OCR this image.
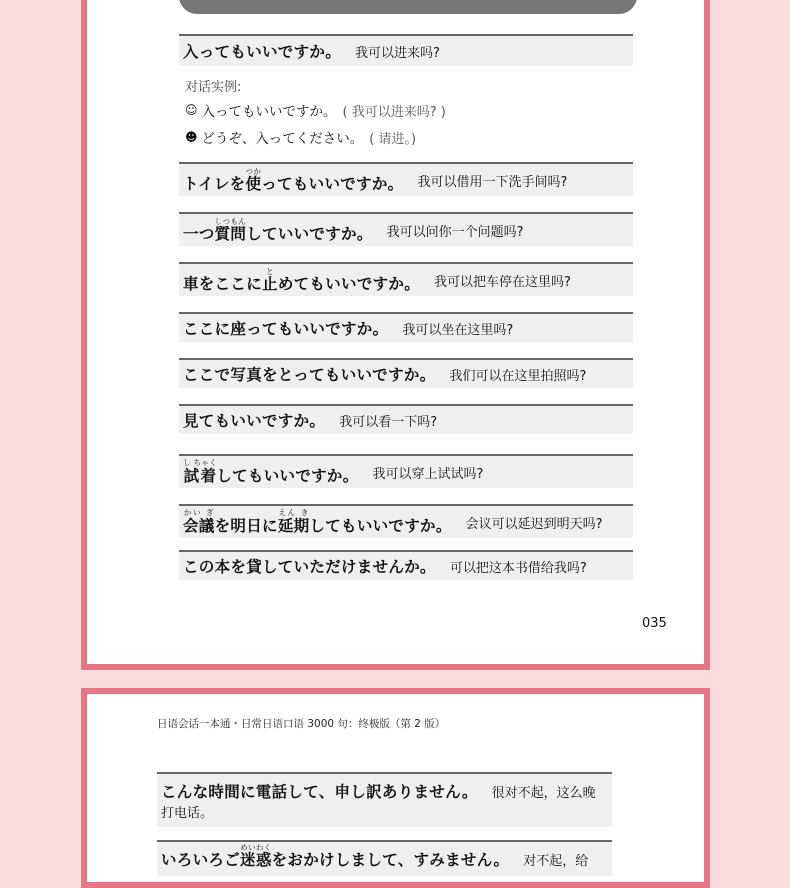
入ってもいいですか。 我可以进来吗?
对话实例:
☺ 入ってもいいですか。 ( 我可以进来吗? )
☻ どうぞ、入ってください。 ( 请进。)
トイレを使つかってもいいですか。 我可以借用一下洗手间吗?
一つ質問しつもんしていいですか。 我可以问你一个问题吗?
車をここに止とめてもいいですか。 我可以把车停在这里吗?
ここに座ってもいいですか。 我可以坐在这里吗?
ここで写真をとってもいいですか。 我们可以在这里拍照吗?
見てもいいですか。 我可以看一下吗?
試着し ちゃくしてもいいですか。 我可以穿上试试吗?
会議かい ぎを明日に延期えん きしてもいいですか。 会议可以延迟到明天吗?
この本を貸していただけませんか。 可以把这本书借给我吗?
035
日语会话一本通・日常日语口语 3000 句：终极版（第 2 版）
こんな時間に電話して、申し訳ありません。 很对不起，这么晚打电话。
いろいろご迷惑めいわくをおかけしまして、すみません。 对不起，给
